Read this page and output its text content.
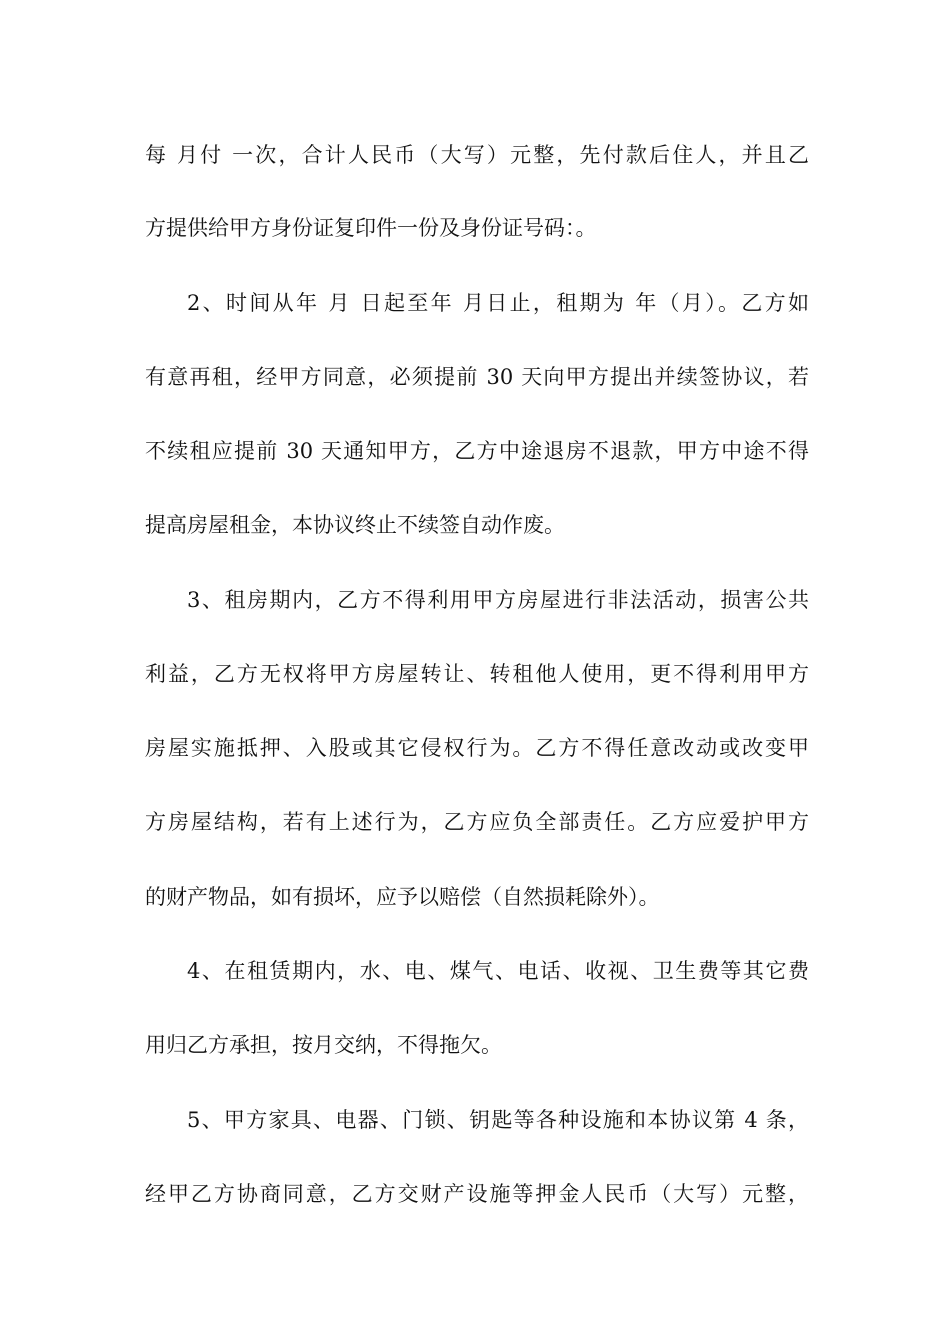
每 月付 一次，合计人民币（大写）元整，先付款后住人，并且乙
方提供给甲方身份证复印件一份及身份证号码：。
2、时间从年 月 日起至年 月日止，租期为 年（月）。乙方如
有意再租，经甲方同意，必须提前 30 天向甲方提出并续签协议，若
不续租应提前 30 天通知甲方，乙方中途退房不退款，甲方中途不得
提高房屋租金，本协议终止不续签自动作废。
3、租房期内，乙方不得利用甲方房屋进行非法活动，损害公共
利益，乙方无权将甲方房屋转让、转租他人使用，更不得利用甲方
房屋实施抵押、入股或其它侵权行为。乙方不得任意改动或改变甲
方房屋结构，若有上述行为，乙方应负全部责任。乙方应爱护甲方
的财产物品，如有损坏，应予以赔偿（自然损耗除外）。
4、在租赁期内，水、电、煤气、电话、收视、卫生费等其它费
用归乙方承担，按月交纳，不得拖欠。
5、甲方家具、电器、门锁、钥匙等各种设施和本协议第 4 条，
经甲乙方协商同意，乙方交财产设施等押金人民币（大写）元整，
